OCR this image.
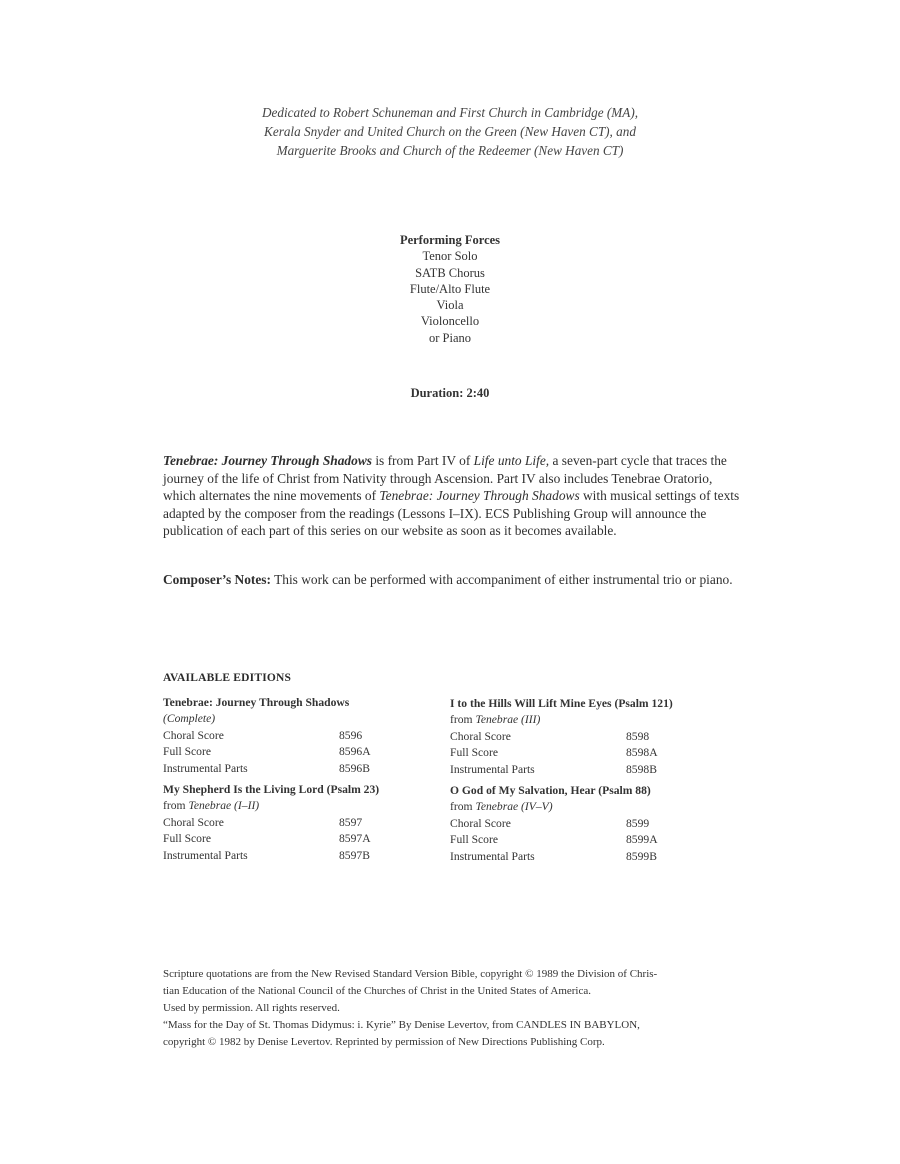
Dedicated to Robert Schuneman and First Church in Cambridge (MA),
Kerala Snyder and United Church on the Green (New Haven CT), and
Marguerite Brooks and Church of the Redeemer (New Haven CT)
Performing Forces
Tenor Solo
SATB Chorus
Flute/Alto Flute
Viola
Violoncello
or Piano
Duration: 2:40

Tenebrae: Journey Through Shadows is from Part IV of Life unto Life, a seven-part cycle that traces the journey of the life of Christ from Nativity through Ascension. Part IV also includes Tenebrae Oratorio, which alternates the nine movements of Tenebrae: Journey Through Shadows with musical settings of texts adapted by the composer from the readings (Lessons I–IX). ECS Publishing Group will announce the publication of each part of this series on our website as soon as it becomes available.

Composer’s Notes: This work can be performed with accompaniment of either instrumental trio or piano.

AVAILABLE EDITIONS
Tenebrae: Journey Through Shadows
(Complete)
Choral Score	8596
Full Score	8596A
Instrumental Parts	8596B
My Shepherd Is the Living Lord (Psalm 23)
from Tenebrae (I–II)
Choral Score	8597
Full Score	8597A
Instrumental Parts	8597B
I to the Hills Will Lift Mine Eyes (Psalm 121)
from Tenebrae (III)
Choral Score	8598
Full Score	8598A
Instrumental Parts	8598B
O God of My Salvation, Hear (Psalm 88)
from Tenebrae (IV–V)
Choral Score	8599
Full Score	8599A
Instrumental Parts	8599B
Scripture quotations are from the New Revised Standard Version Bible, copyright © 1989 the Division of Chris-
tian Education of the National Council of the Churches of Christ in the United States of America.
Used by permission. All rights reserved.
“Mass for the Day of St. Thomas Didymus: i. Kyrie” By Denise Levertov, from CANDLES IN BABYLON,
copyright © 1982 by Denise Levertov. Reprinted by permission of New Directions Publishing Corp.
